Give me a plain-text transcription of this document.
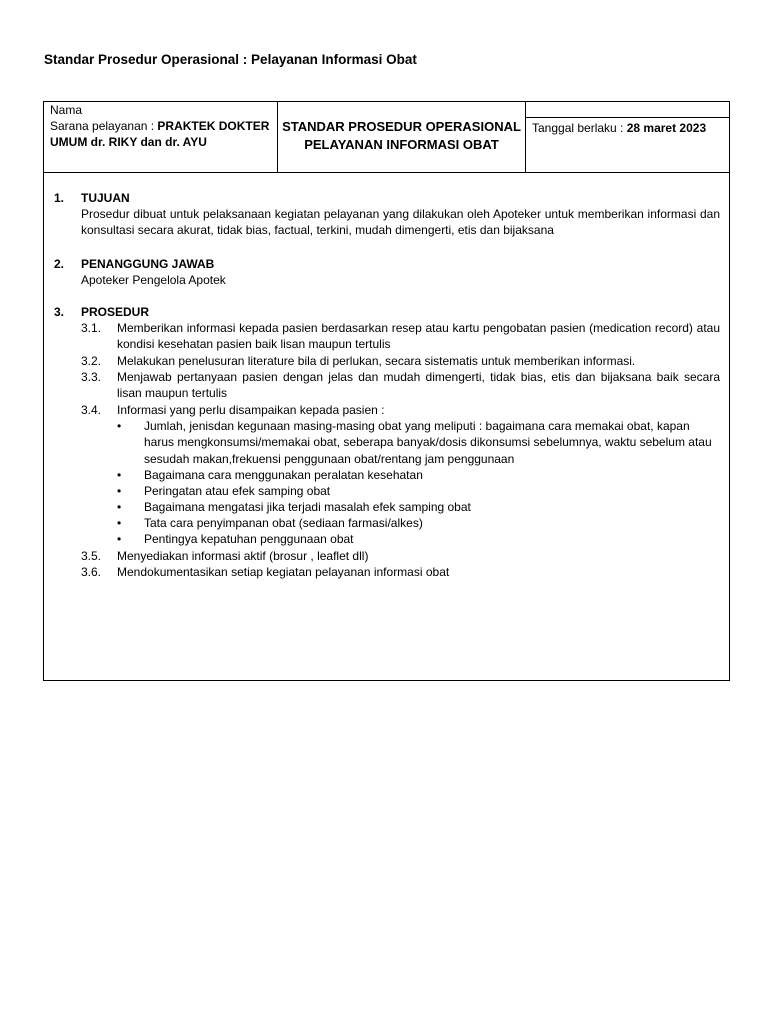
Standar Prosedur Operasional : Pelayanan Informasi Obat
Nama
Sarana pelayanan : PRAKTEK DOKTER
UMUM dr. RIKY dan dr. AYU
STANDAR PROSEDUR OPERASIONAL
PELAYANAN INFORMASI OBAT
Tanggal berlaku : 28 maret 2023
1. TUJUAN
Prosedur dibuat untuk pelaksanaan kegiatan pelayanan yang dilakukan oleh Apoteker untuk memberikan informasi dan konsultasi secara akurat, tidak bias, factual, terkini, mudah dimengerti, etis dan bijaksana
2. PENANGGUNG JAWAB
Apoteker Pengelola Apotek
3. PROSEDUR
3.1.	Memberikan informasi kepada pasien berdasarkan resep atau kartu pengobatan pasien (medication record) atau kondisi kesehatan pasien baik lisan maupun tertulis
3.2.	Melakukan penelusuran literature bila di perlukan, secara sistematis untuk memberikan informasi.
3.3.	Menjawab pertanyaan pasien dengan jelas dan mudah dimengerti, tidak bias, etis dan bijaksana baik secara lisan maupun tertulis
3.4.	Informasi yang perlu disampaikan kepada pasien :
• Jumlah, jenisdan kegunaan masing-masing obat yang meliputi : bagaimana cara memakai obat, kapan harus mengkonsumsi/memakai obat, seberapa banyak/dosis dikonsumsi sebelumnya, waktu sebelum atau sesudah makan,frekuensi penggunaan obat/rentang jam penggunaan
• Bagaimana cara menggunakan peralatan kesehatan
• Peringatan atau efek samping obat
• Bagaimana mengatasi jika terjadi masalah efek samping obat
• Tata cara penyimpanan obat (sediaan farmasi/alkes)
• Pentingya kepatuhan penggunaan obat
3.5.	Menyediakan informasi aktif (brosur , leaflet dll)
3.6.	Mendokumentasikan setiap kegiatan pelayanan informasi obat
